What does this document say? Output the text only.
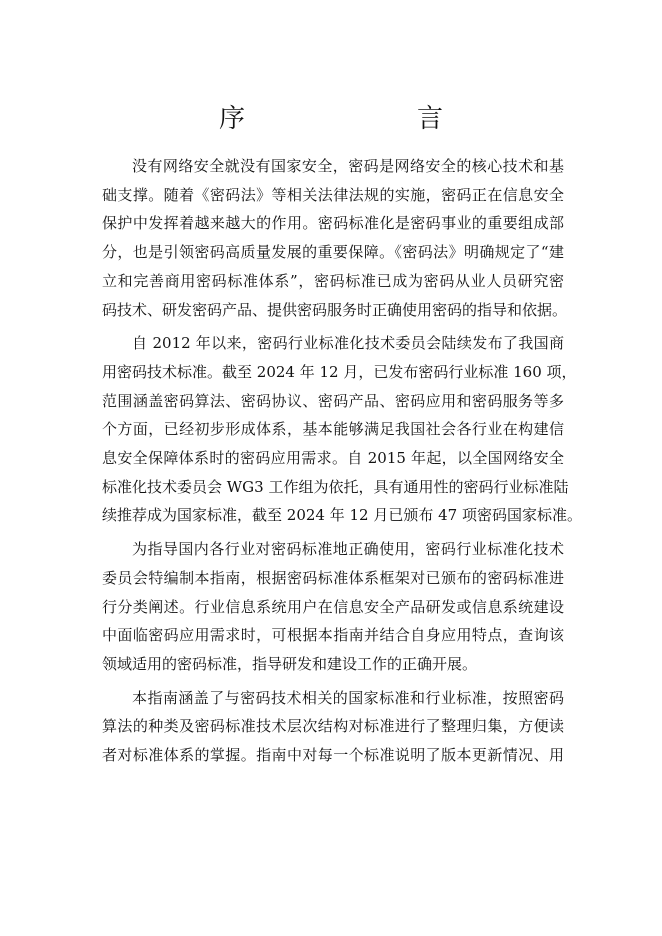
序　　言

没有网络安全就没有国家安全，密码是网络安全的核心技术和基
础支撑。随着《密码法》等相关法律法规的实施，密码正在信息安全
保护中发挥着越来越大的作用。密码标准化是密码事业的重要组成部
分，也是引领密码高质量发展的重要保障。《密码法》明确规定了“建
立和完善商用密码标准体系”，密码标准已成为密码从业人员研究密
码技术、研发密码产品、提供密码服务时正确使用密码的指导和依据。

自 2012 年以来，密码行业标准化技术委员会陆续发布了我国商
用密码技术标准。截至 2024 年 12 月，已发布密码行业标准 160 项，
范围涵盖密码算法、密码协议、密码产品、密码应用和密码服务等多
个方面，已经初步形成体系，基本能够满足我国社会各行业在构建信
息安全保障体系时的密码应用需求。自 2015 年起，以全国网络安全
标准化技术委员会 WG3 工作组为依托，具有通用性的密码行业标准陆
续推荐成为国家标准，截至 2024 年 12 月已颁布 47 项密码国家标准。

为指导国内各行业对密码标准地正确使用，密码行业标准化技术
委员会特编制本指南，根据密码标准体系框架对已颁布的密码标准进
行分类阐述。行业信息系统用户在信息安全产品研发或信息系统建设
中面临密码应用需求时，可根据本指南并结合自身应用特点，查询该
领域适用的密码标准，指导研发和建设工作的正确开展。

本指南涵盖了与密码技术相关的国家标准和行业标准，按照密码
算法的种类及密码标准技术层次结构对标准进行了整理归集，方便读
者对标准体系的掌握。指南中对每一个标准说明了版本更新情况、用
